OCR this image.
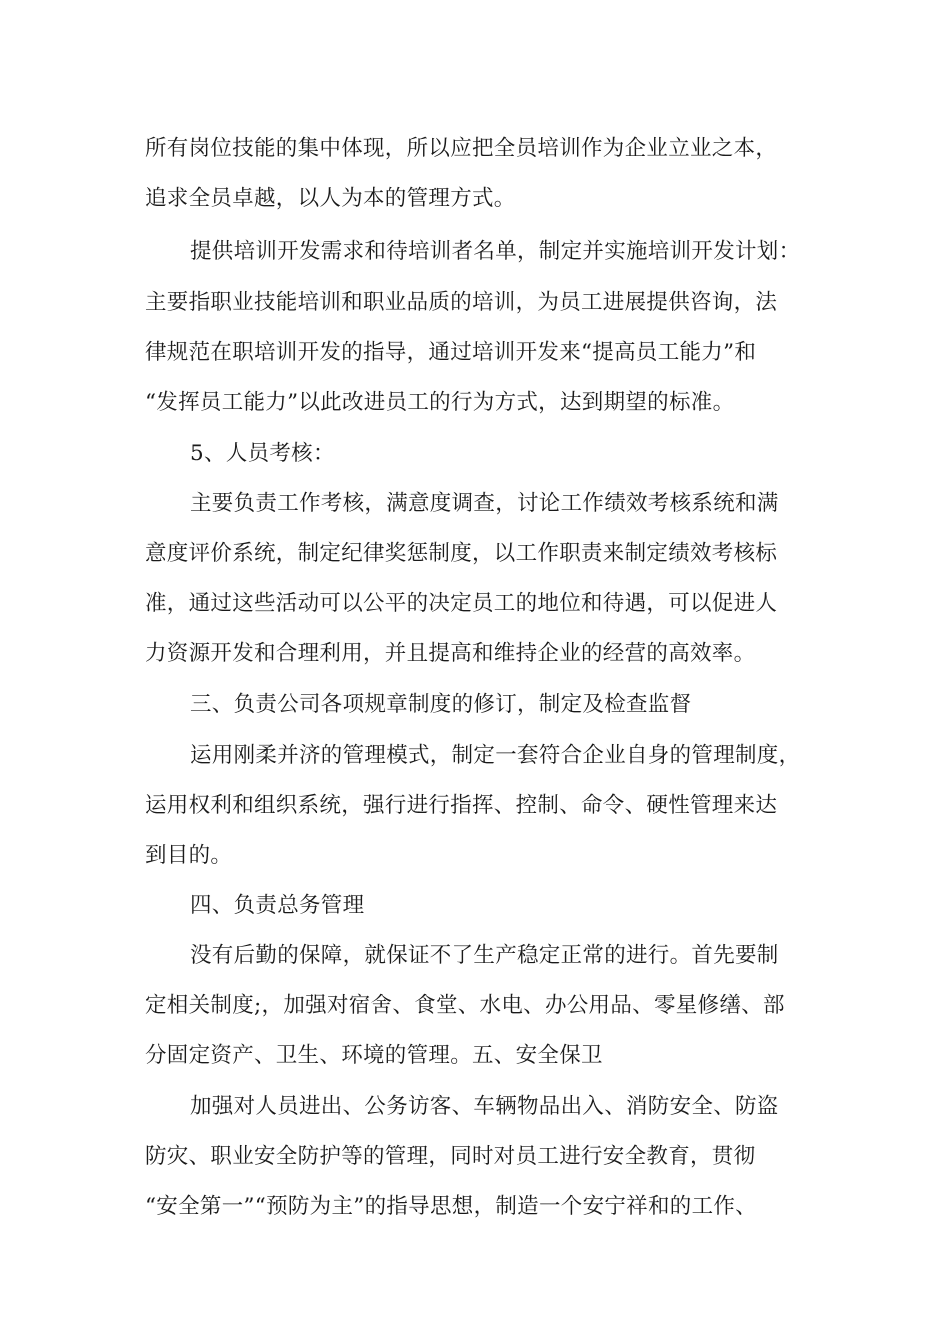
所有岗位技能的集中体现，所以应把全员培训作为企业立业之本，

追求全员卓越，以人为本的管理方式。

提供培训开发需求和待培训者名单，制定并实施培训开发计划：

主要指职业技能培训和职业品质的培训，为员工进展提供咨询，法

律规范在职培训开发的指导，通过培训开发来“提高员工能力”和

“发挥员工能力”以此改进员工的行为方式，达到期望的标准。

5、人员考核：

主要负责工作考核，满意度调查，讨论工作绩效考核系统和满

意度评价系统，制定纪律奖惩制度，以工作职责来制定绩效考核标

准，通过这些活动可以公平的决定员工的地位和待遇，可以促进人

力资源开发和合理利用，并且提高和维持企业的经营的高效率。

三、负责公司各项规章制度的修订，制定及检查监督

运用刚柔并济的管理模式，制定一套符合企业自身的管理制度，

运用权利和组织系统，强行进行指挥、控制、命令、硬性管理来达

到目的。

四、负责总务管理

没有后勤的保障，就保证不了生产稳定正常的进行。首先要制

定相关制度;，加强对宿舍、食堂、水电、办公用品、零星修缮、部

分固定资产、卫生、环境的管理。五、安全保卫

加强对人员进出、公务访客、车辆物品出入、消防安全、防盗

防灾、职业安全防护等的管理，同时对员工进行安全教育，贯彻

“安全第一”“预防为主”的指导思想，制造一个安宁祥和的工作、
